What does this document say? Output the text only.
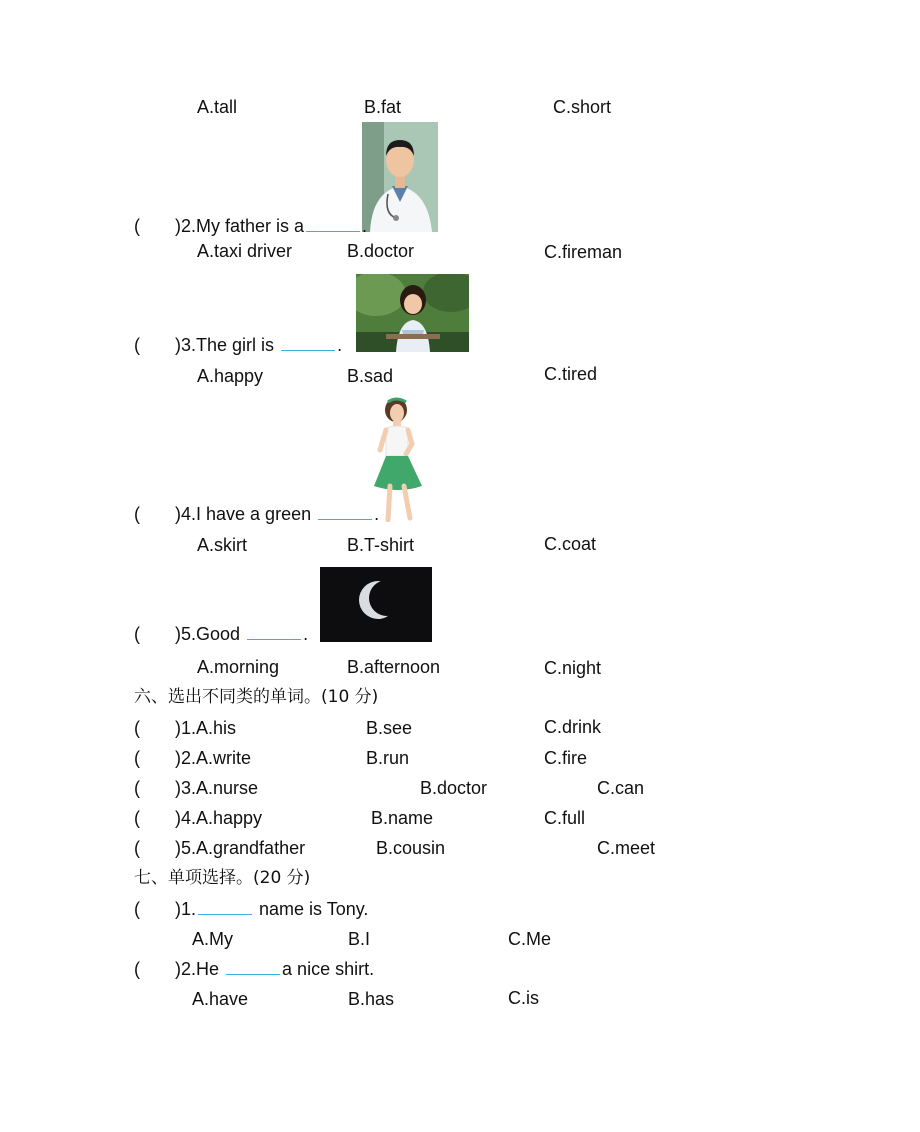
A.tall	B.fat	C.short
( )2.My father is a	.
A.taxi driver	B.doctor	C.fireman
( )3.The girl is	.
A.happy	B.sad	C.tired
( )4.I have a green	.
A.skirt	B.T-shirt	C.coat
( )5.Good	.
A.morning	B.afternoon	C.night
六、选出不同类的单词。(10 分)
( )1.A.his	B.see	C.drink
( )2.A.write	B.run	C.fire
( )3.A.nurse	B.doctor	C.can
( )4.A.happy	B.name	C.full
( )5.A.grandfather	B.cousin	C.meet
七、单项选择。(20 分)
( )1.	name is Tony.
A.My	B.I	C.Me
( )2.He	a nice shirt.
A.have	B.has	C.is
